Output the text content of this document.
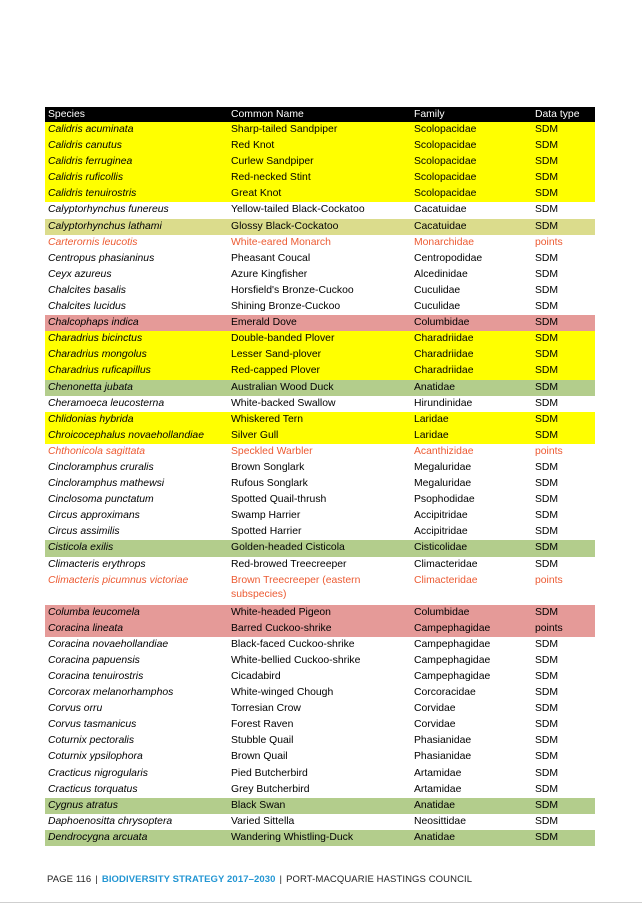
Species	Common Name	Family	Data type
Calidris acuminata	Sharp-tailed Sandpiper	Scolopacidae	SDM
Calidris canutus	Red Knot	Scolopacidae	SDM
Calidris ferruginea	Curlew Sandpiper	Scolopacidae	SDM
Calidris ruficollis	Red-necked Stint	Scolopacidae	SDM
Calidris tenuirostris	Great Knot	Scolopacidae	SDM
Calyptorhynchus funereus	Yellow-tailed Black-Cockatoo	Cacatuidae	SDM
Calyptorhynchus lathami	Glossy Black-Cockatoo	Cacatuidae	SDM
Carterornis leucotis	White-eared Monarch	Monarchidae	points
Centropus phasianinus	Pheasant Coucal	Centropodidae	SDM
Ceyx azureus	Azure Kingfisher	Alcedinidae	SDM
Chalcites basalis	Horsfield's Bronze-Cuckoo	Cuculidae	SDM
Chalcites lucidus	Shining Bronze-Cuckoo	Cuculidae	SDM
Chalcophaps indica	Emerald Dove	Columbidae	SDM
Charadrius bicinctus	Double-banded Plover	Charadriidae	SDM
Charadrius mongolus	Lesser Sand-plover	Charadriidae	SDM
Charadrius ruficapillus	Red-capped Plover	Charadriidae	SDM
Chenonetta jubata	Australian Wood Duck	Anatidae	SDM
Cheramoeca leucosterna	White-backed Swallow	Hirundinidae	SDM
Chlidonias hybrida	Whiskered Tern	Laridae	SDM
Chroicocephalus novaehollandiae	Silver Gull	Laridae	SDM
Chthonicola sagittata	Speckled Warbler	Acanthizidae	points
Cincloramphus cruralis	Brown Songlark	Megaluridae	SDM
Cincloramphus mathewsi	Rufous Songlark	Megaluridae	SDM
Cinclosoma punctatum	Spotted Quail-thrush	Psophodidae	SDM
Circus approximans	Swamp Harrier	Accipitridae	SDM
Circus assimilis	Spotted Harrier	Accipitridae	SDM
Cisticola exilis	Golden-headed Cisticola	Cisticolidae	SDM
Climacteris erythrops	Red-browed Treecreeper	Climacteridae	SDM
Climacteris picumnus victoriae	Brown Treecreeper (eastern subspecies)	Climacteridae	points
Columba leucomela	White-headed Pigeon	Columbidae	SDM
Coracina lineata	Barred Cuckoo-shrike	Campephagidae	points
Coracina novaehollandiae	Black-faced Cuckoo-shrike	Campephagidae	SDM
Coracina papuensis	White-bellied Cuckoo-shrike	Campephagidae	SDM
Coracina tenuirostris	Cicadabird	Campephagidae	SDM
Corcorax melanorhamphos	White-winged Chough	Corcoracidae	SDM
Corvus orru	Torresian Crow	Corvidae	SDM
Corvus tasmanicus	Forest Raven	Corvidae	SDM
Coturnix pectoralis	Stubble Quail	Phasianidae	SDM
Coturnix ypsilophora	Brown Quail	Phasianidae	SDM
Cracticus nigrogularis	Pied Butcherbird	Artamidae	SDM
Cracticus torquatus	Grey Butcherbird	Artamidae	SDM
Cygnus atratus	Black Swan	Anatidae	SDM
Daphoenositta chrysoptera	Varied Sittella	Neosittidae	SDM
Dendrocygna arcuata	Wandering Whistling-Duck	Anatidae	SDM
PAGE 116 | BIODIVERSITY STRATEGY 2017–2030 | PORT-MACQUARIE HASTINGS COUNCIL
